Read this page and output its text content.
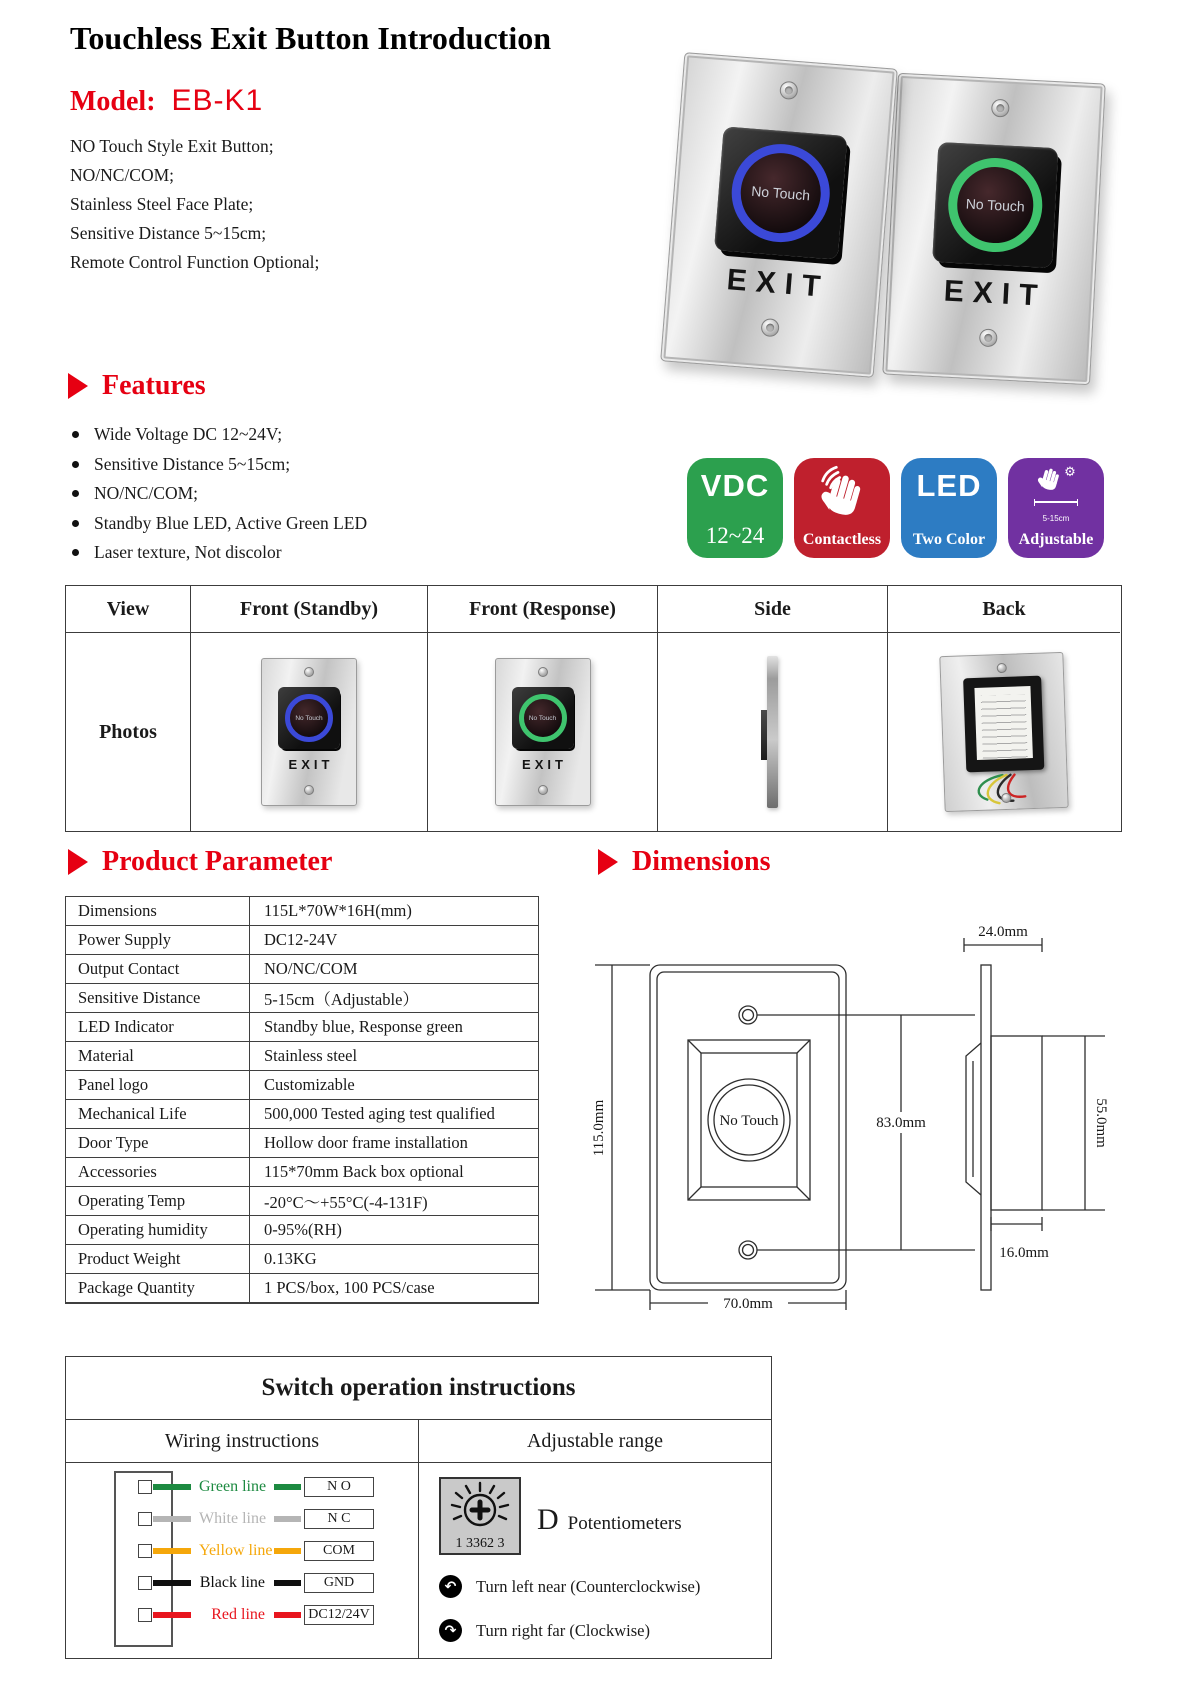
Touchless Exit Button Introduction
Model: EB-K1
NO Touch Style Exit Button;
NO/NC/COM;
Stainless Steel Face Plate;
Sensitive Distance 5~15cm;
Remote Control Function Optional;
No Touch
EXIT
No Touch
EXIT
Features
Wide Voltage DC 12~24V;
Sensitive Distance 5~15cm;
NO/NC/COM;
Standby Blue LED, Active Green LED
Laser texture, Not discolor
VDC
12~24 Contactless
LED
Two Color
⚙
5-15cm
Adjustable
View	Front (Standby)	Front (Response)	Side	Back
Photos
No Touch
EXIT
No Touch
EXIT
Product Parameter
Dimensions	115L*70W*16H(mm)
Power Supply	DC12-24V
Output Contact	NO/NC/COM
Sensitive Distance	5-15cm（Adjustable）
LED Indicator	Standby blue, Response green
Material	Stainless steel
Panel logo	Customizable
Mechanical Life	500,000 Tested aging test qualified
Door Type	Hollow door frame installation
Accessories	115*70mm Back box optional
Operating Temp	-20°C～+55°C(-4-131F)
Operating humidity	0-95%(RH)
Product Weight	0.13KG
Package Quantity	1 PCS/box, 100 PCS/case
Dimensions
No Touch
24.0mm
115.0mm	83.0mm
70.0mm
55.0mm
16.0mm
Switch operation instructions
Wiring instructions	Adjustable range
Green line	N O
White line	N C
Yellow line	COM
Black line	GND
Red line	DC12/24V
1 3362 3
D Potentiometers
↶
Turn left near (Counterclockwise)
↷
Turn right far (Clockwise)
